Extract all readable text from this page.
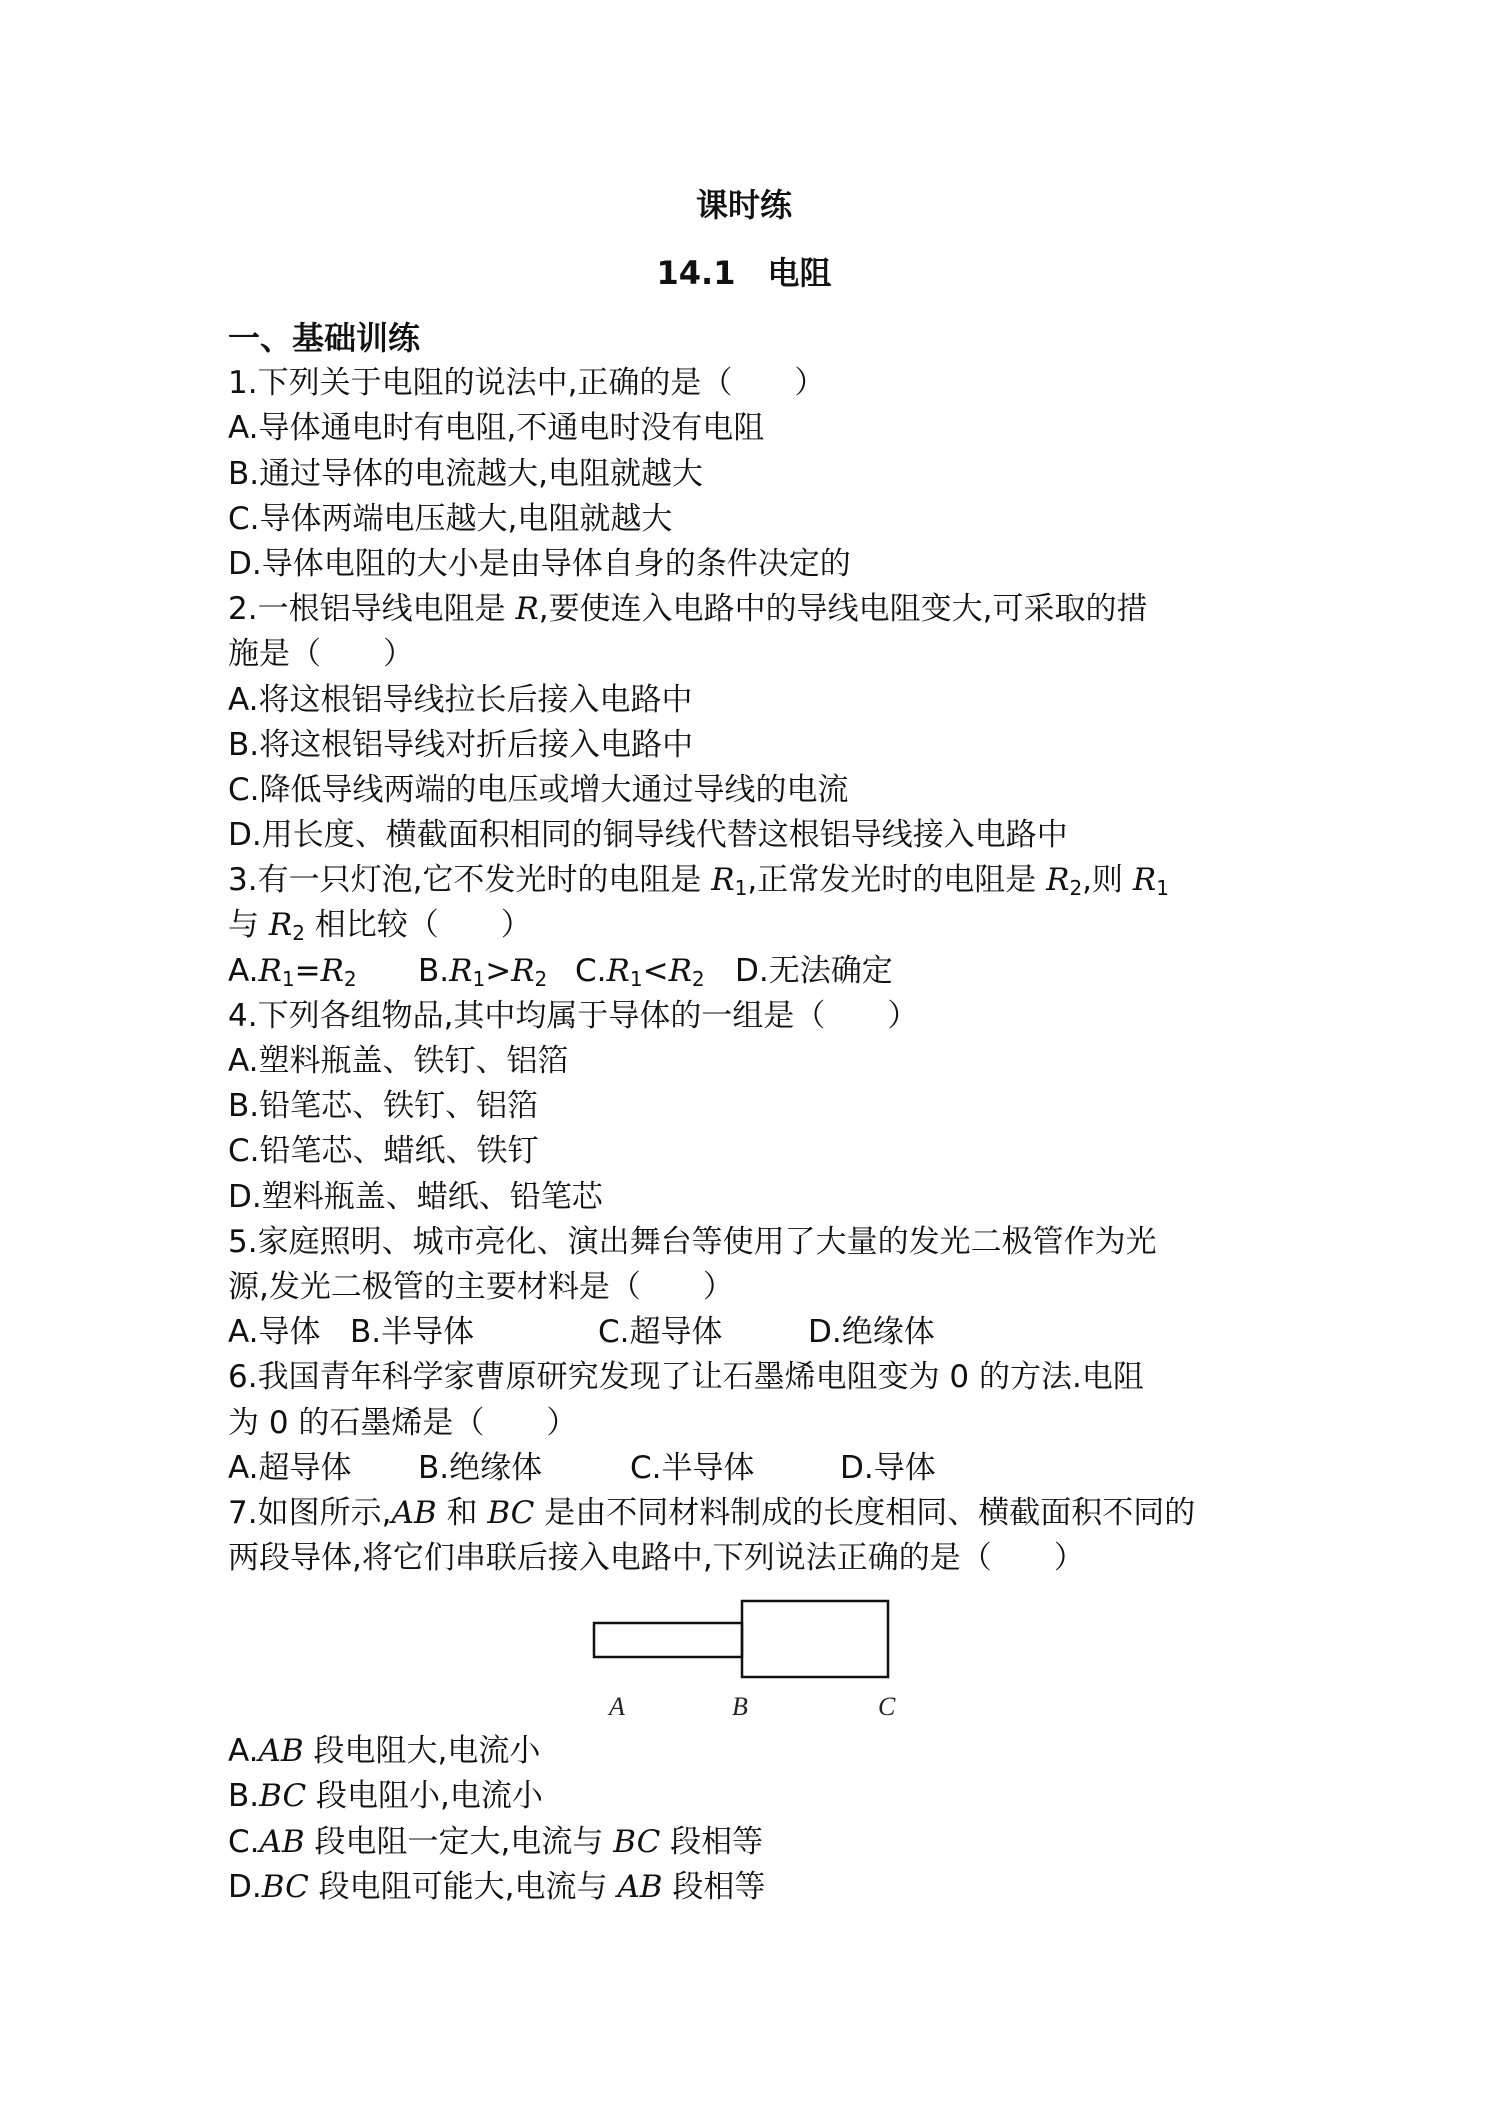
课时练
14.1　电阻
一、基础训练
1.下列关于电阻的说法中,正确的是（　　）
A.导体通电时有电阻,不通电时没有电阻
B.通过导体的电流越大,电阻就越大
C.导体两端电压越大,电阻就越大
D.导体电阻的大小是由导体自身的条件决定的
2.一根铝导线电阻是 R,要使连入电路中的导线电阻变大,可采取的措
施是（　　）
A.将这根铝导线拉长后接入电路中
B.将这根铝导线对折后接入电路中
C.降低导线两端的电压或增大通过导线的电流
D.用长度、横截面积相同的铜导线代替这根铝导线接入电路中
3.有一只灯泡,它不发光时的电阻是 $R_1$,正常发光时的电阻是 $R_2$,则 $R_1$
与 $R_2$ 相比较（　　）
$A.R_1=R_2$ $B.R_1>R_2$ $C.R_1<R_2$ D.无法确定
4.下列各组物品,其中均属于导体的一组是（　　）
A.塑料瓶盖、铁钉、铝箔
B.铅笔芯、铁钉、铝箔
C.铅笔芯、蜡纸、铁钉
D.塑料瓶盖、蜡纸、铅笔芯
5.家庭照明、城市亮化、演出舞台等使用了大量的发光二极管作为光
源,发光二极管的主要材料是（　　）
A.导体 B.半导体	C.超导体	D.绝缘体
6.我国青年科学家曹原研究发现了让石墨烯电阻变为 0 的方法.电阻
为 0 的石墨烯是（　　）
A.超导体 B.绝缘体	C.半导体	D.导体
7.如图所示,AB 和 BC 是由不同材料制成的长度相同、横截面积不同的
两段导体,将它们串联后接入电路中,下列说法正确的是（　　）
A	B	C
A.AB 段电阻大,电流小
B.BC 段电阻小,电流小
C.AB 段电阻一定大,电流与 BC 段相等
D.BC 段电阻可能大,电流与 AB 段相等
